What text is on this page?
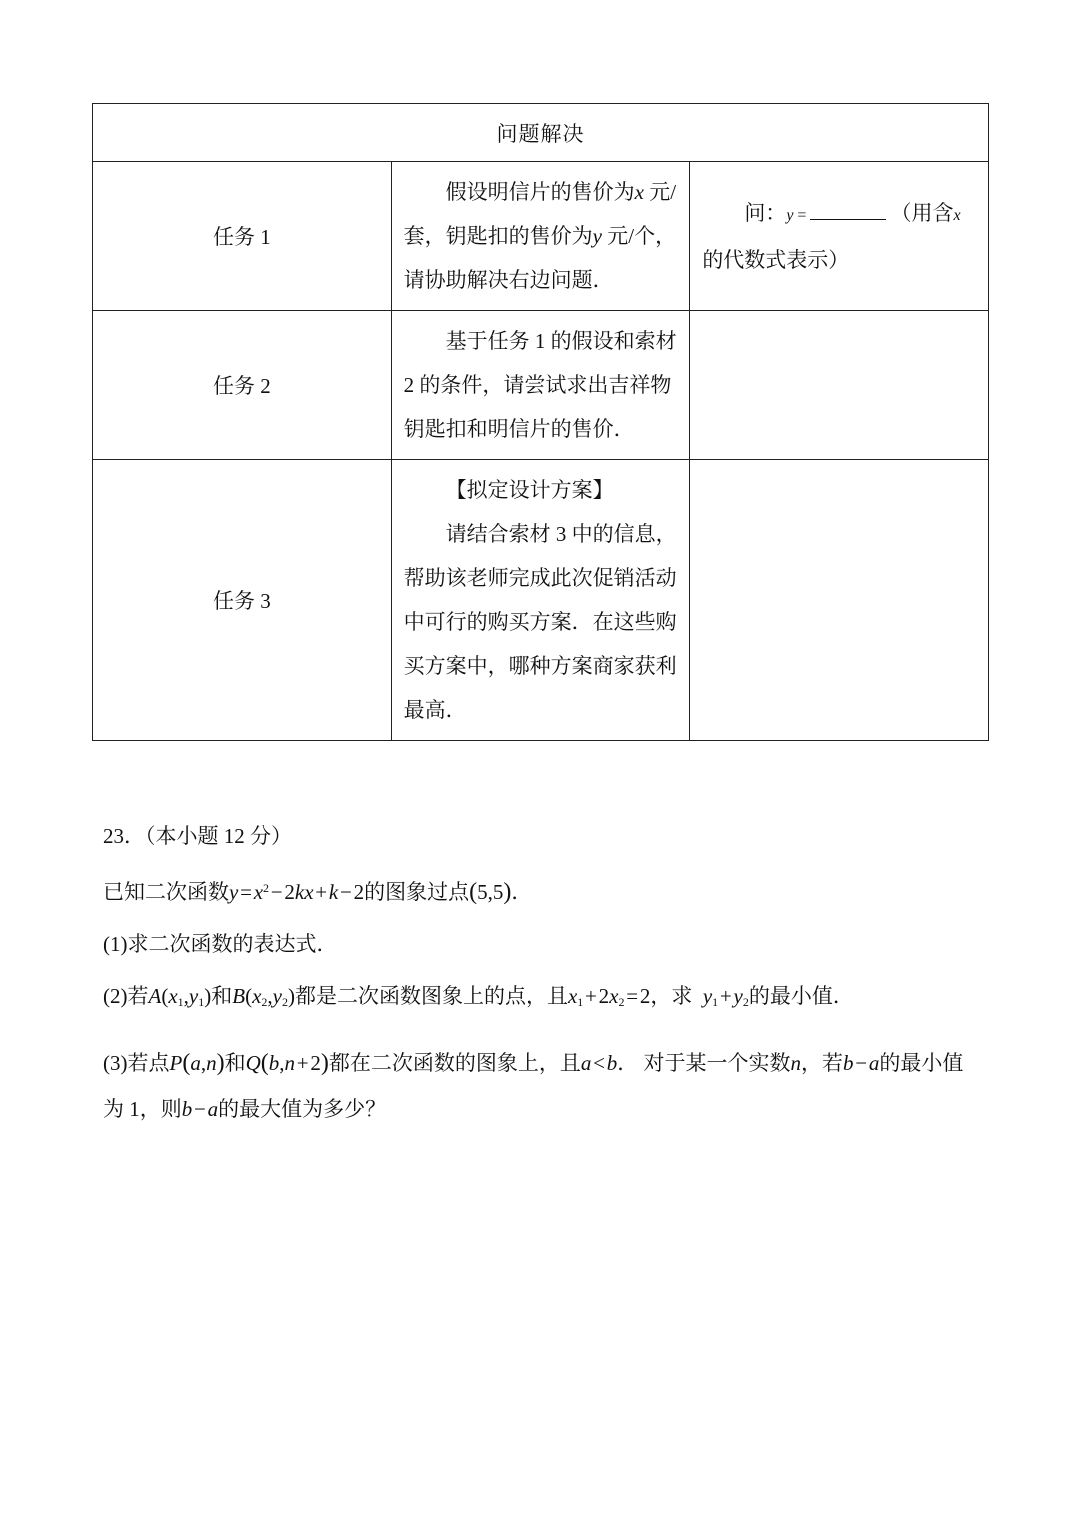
问题解决		
任务 1	假设明信片的售价为x 元/套，钥匙扣的售价为y 元/个，请协助解决右边问题．	问：y = （用含x的代数式表示）

任务 2	基于任务 1 的假设和索材 2 的条件，请尝试求出吉祥物钥匙扣和明信片的售价．	

任务 3	【拟定设计方案】
请结合索材 3 中的信息，帮助该老师完成此次促销活动中可行的购买方案．在这些购买方案中，哪种方案商家获利最高．	

23．（本小题 12 分）

已知二次函数y = $x^2$ − 2kx + k − 2的图象过点(5,5)．

(1)求二次函数的表达式．

(2)若$A(x_1,y_1)$和$B(x_2,y_2)$都是二次函数图象上的点，且$x_1$ + $2x_2$ = 2，求 $y_1$ + $y_2$的最小值．

(3)若点P(a,n)和Q(b,n + 2)都在二次函数的图象上，且a < b． 对于某一个实数n，若b − a的最小值为 1，则b − a的最大值为多少？
